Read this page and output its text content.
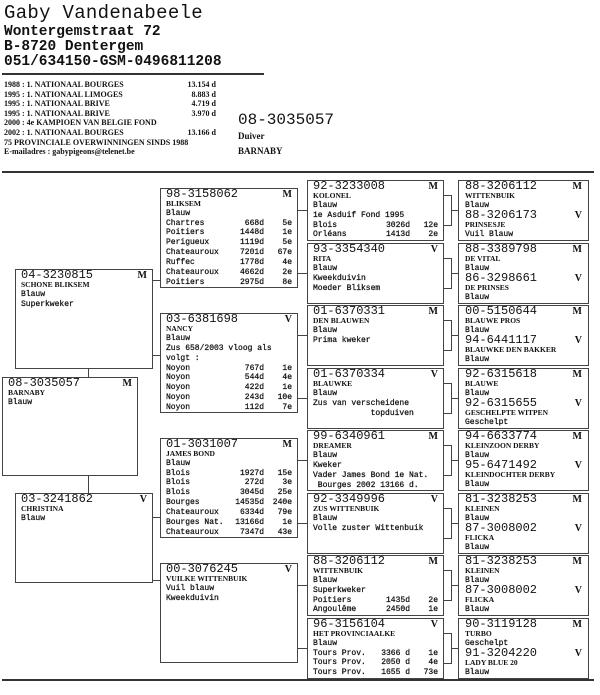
Gaby Vandenabeele
Wontergemstraat 72
B-8720 Dentergem
051/634150-GSM-0496811208
1988 : 1. NATIONAAL BOURGES	13.154 d
1995 : 1. NATIONAAL LIMOGES	8.883 d
1995 : 1. NATIONAAL BRIVE	4.719 d
1995 : 1. NATIONAAL BRIVE	3.970 d
2000 : 4e KAMPIOEN VAN BELGIE FOND
2002 : 1. NATIONAAL BOURGES	13.166 d
75 PROVINCIALE OVERWINNINGEN SINDS 1988
E-mailadres : gabypigeons@telenet.be
08-3035057
Duiver
BARNABY
04-3230815	M
SCHONE BLIKSEM
Blauw
Superkweker
08-3035057	M
BARNABY
Blauw
03-3241862	V
CHRISTINA
Blauw
98-3158062	M
BLIKSEM
Blauw
Chartres	668d	5e
Poitiers	1448d	1e
Perigueux	1119d	5e
Chateauroux	7201d	67e
Ruffec	1778d	4e
Chateauroux	4662d	2e
Poitiers	2975d	8e
03-6381698	V
NANCY
Blauw
Zus 658/2003 vloog als
volgt :
Noyon	767d	1e
Noyon	544d	4e
Noyon	422d	1e
Noyon	243d	10e
Noyon	112d	7e
01-3031007	M
JAMES BOND
Blauw
Blois	1927d	15e
Blois	272d	3e
Blois	3045d	25e
Bourges	14535d	240e
Chateauroux	6334d	79e
Bourges Nat.	13166d	1e
Chateauroux	7347d	43e
00-3076245	V
VUILKE WITTENBUIK
Vuil blauw
Kweekduivin
92-3233008	M
KOLONEL
Blauw
1e Asduif Fond 1995
Blois	3026d	12e
Orléans	1413d	2e
93-3354340	V
RITA
Blauw
Kweekduivin
Moeder Bliksem
01-6370331	M
DEN BLAUWEN
Blauw
Prima kweker
01-6370334	V
BLAUWKE
Blauw
Zus van verscheidene
topduiven
99-6340961	M
DREAMER
Blauw
Kweker
Vader James Bond 1e Nat.
Bourges 2002 13166 d.
92-3349996	V
ZUS WITTENBUIK
Blauw
Volle zuster Wittenbuik
88-3206112	M
WITTENBUIK
Blauw
Superkweker
Poitiers	1435d	2e
Angoulême	2450d	1e
96-3156104	V
HET PROVINCIAALKE
Blauw
Tours Prov.	3366 d	1e
Tours Prov.	2050 d	4e
Tours Prov.	1655 d	73e
88-3206112	M
WITTENBUIK
Blauw
88-3206173	V
PRINSESJE
Vuil Blauw
88-3389798	M
DE VITAL
Blauw
86-3298661	V
DE PRINSES
Blauw
00-5150644	M
BLAUWE PROS
Blauw
94-6441117	V
BLAUWKE DEN BAKKER
Blauw
92-6315618	M
BLAUWE
Blauw
92-6315655	V
GESCHELPTE WITPEN
Geschelpt
94-6633774	M
KLEINZOON DERBY
Blauw
95-6471492	V
KLEINDOCHTER DERBY
Blauw
81-3238253	M
KLEINEN
Blauw
87-3008002	V
FLICKA
Blauw
81-3238253	M
KLEINEN
Blauw
87-3008002	V
FLICKA
Blauw
90-3119128	M
TURBO
Geschelpt
91-3204220	V
LADY BLUE 20
Blauw
